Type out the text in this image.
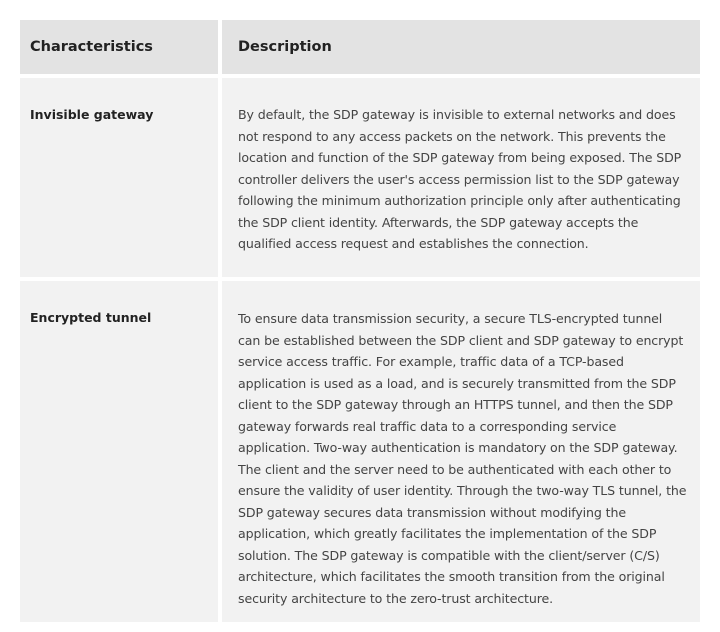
Characteristics	Description
Invisible gateway	By default, the SDP gateway is invisible to external networks and does not respond to any access packets on the network. This prevents the location and function of the SDP gateway from being exposed. The SDP controller delivers the user's access permission list to the SDP gateway following the minimum authorization principle only after authenticating the SDP client identity. Afterwards, the SDP gateway accepts the qualified access request and establishes the connection.
Encrypted tunnel	To ensure data transmission security, a secure TLS-encrypted tunnel can be established between the SDP client and SDP gateway to encrypt service access traffic. For example, traffic data of a TCP-based application is used as a load, and is securely transmitted from the SDP client to the SDP gateway through an HTTPS tunnel, and then the SDP gateway forwards real traffic data to a corresponding service application. Two-way authentication is mandatory on the SDP gateway. The client and the server need to be authenticated with each other to ensure the validity of user identity. Through the two-way TLS tunnel, the SDP gateway secures data transmission without modifying the application, which greatly facilitates the implementation of the SDP solution. The SDP gateway is compatible with the client/server (C/S) architecture, which facilitates the smooth transition from the original security architecture to the zero-trust architecture.
